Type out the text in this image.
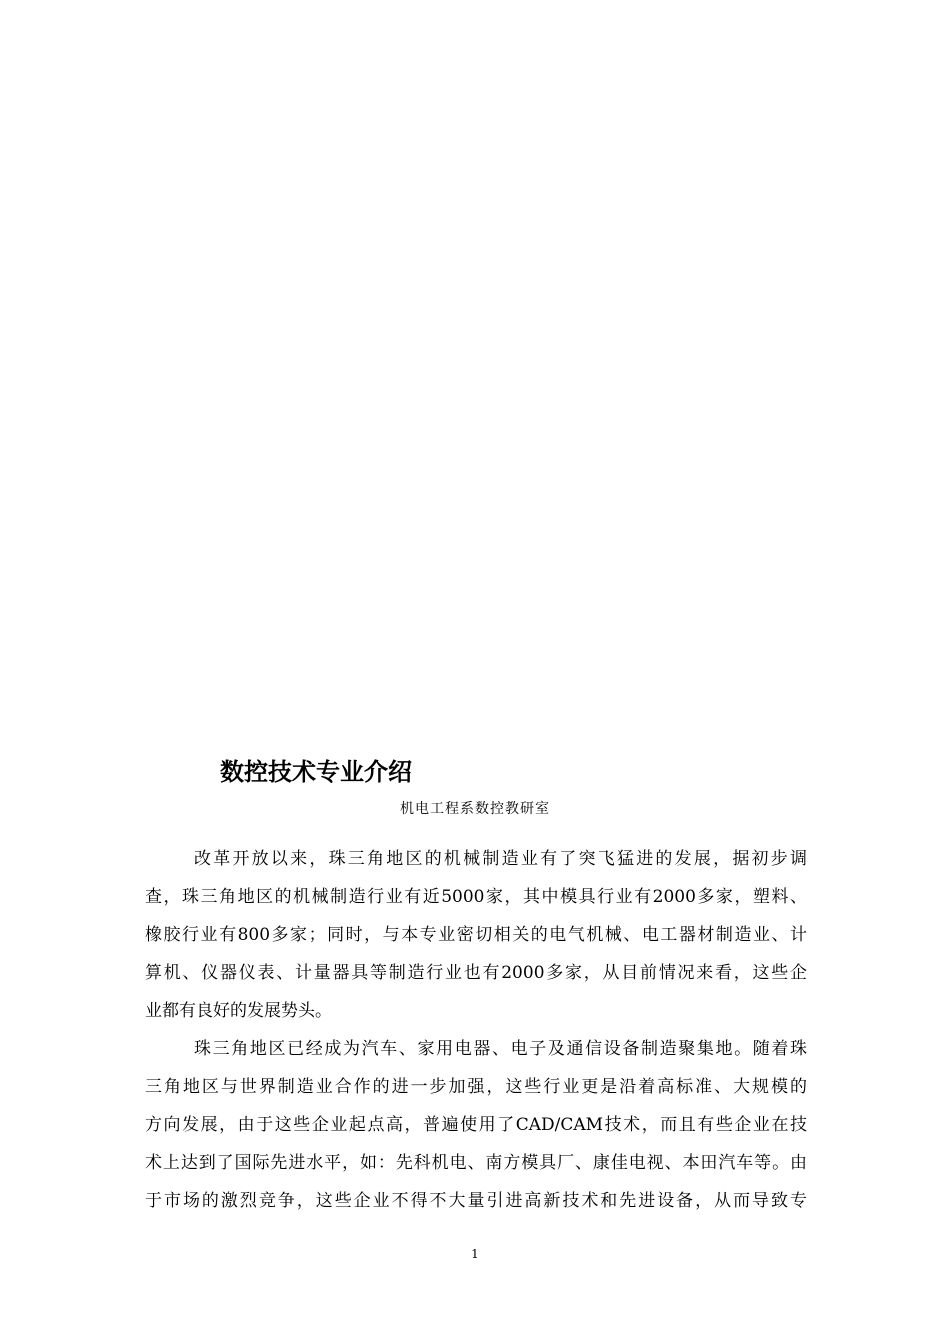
数控技术专业介绍
机电工程系数控教研室
改革开放以来，珠三角地区的机械制造业有了突飞猛进的发展，据初步调
查，珠三角地区的机械制造行业有近5000家，其中模具行业有2000多家，塑料、
橡胶行业有800多家；同时，与本专业密切相关的电气机械、电工器材制造业、计
算机、仪器仪表、计量器具等制造行业也有2000多家，从目前情况来看，这些企
业都有良好的发展势头。
珠三角地区已经成为汽车、家用电器、电子及通信设备制造聚集地。随着珠
三角地区与世界制造业合作的进一步加强，这些行业更是沿着高标准、大规模的
方向发展，由于这些企业起点高，普遍使用了CAD/CAM技术，而且有些企业在技
术上达到了国际先进水平，如：先科机电、南方模具厂、康佳电视、本田汽车等。由
于市场的激烈竞争，这些企业不得不大量引进高新技术和先进设备，从而导致专
1
